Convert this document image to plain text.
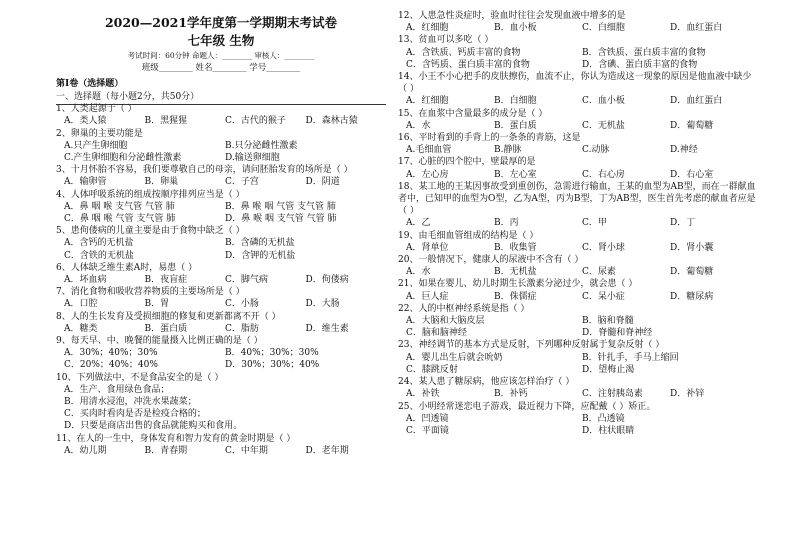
2020—2021学年度第一学期期末考试卷
七年级 生物
考试时间：60分钟 命题人：________ 审核人：________
班级________ 姓名________ 学号________
第Ⅰ卷（选择题）
一、选择题（每小题2分，共50分）
1、人类起源于（ ）
A．类人猿	B．黑猩猩	C．古代的猴子	D．森林古猿
2、卵巢的主要功能是
A.只产生卵细胞	B.只分泌雌性激素
C.产生卵细胞和分泌雌性激素	D.输送卵细胞
3、十月怀胎不容易，我们要尊敬自己的母亲，请问胚胎发育的场所是（ ）
A．输卵管	B．卵巢	C．子宫	D．阴道
4、人体呼吸系统的组成按顺序排列应当是（ ）
A．鼻 咽 喉 支气管 气管 肺	B．鼻 喉 咽 气管 支气管 肺
C．鼻 咽 喉 气管 支气管 肺	D．鼻 喉 咽 支气管 气管 肺
5、患佝偻病的儿童主要是由于食物中缺乏（ ）
A．含钙的无机盐	B．含磷的无机盐
C．含铁的无机盐	D．含钾的无机盐
6、人体缺乏维生素A时，易患（ ）
A．坏血病	B．夜盲症	C．脚气病	D．佝偻病
7、消化食物和吸收营养物质的主要场所是（ ）
A．口腔	B．胃	C．小肠	D．大肠
8、人的生长发育及受损细胞的修复和更新都离不开（ ）
A．糖类	B．蛋白质	C．脂肪	D．维生素
9、每天早、中、晚餐的能量摄入比例正确的是（ ）
A．30%；40%；30%	B．40%；30%；30%
C．20%；40%；40%	D．30%；30%；40%
10、下列做法中，不是食品安全的是（ ）
A．生产、食用绿色食品；
B．用清水浸泡，冲洗水果蔬菜；
C．买肉时看肉是否是检疫合格的；
D．只要是商店出售的食品就能购买和食用。
11、在人的一生中，身体发育和智力发育的黄金时期是（ ）
A．幼儿期	B．青春期	C．中年期	D．老年期
12、人患急性炎症时，验血时往往会发现血液中增多的是
A．红细胞	B．血小板	C．白细胞	D．血红蛋白
13、贫血可以多吃（ ）
A．含铁质、钙质丰富的食物	B．含铁质、蛋白质丰富的食物
C．含钙质、蛋白质丰富的食物	D．含碘、蛋白质丰富的食物
14、小王不小心把手的皮肤擦伤，血流不止，你认为造成这一现象的原因是他血液中缺少（ ）
A．红细胞	B．白细胞	C．血小板	D．血红蛋白
15、在血浆中含量最多的成分是（ ）
A．水	B．蛋白质	C．无机盐	D．葡萄糖
16、平时看到的手背上的一条条的青筋，这是
A.毛细血管	B.静脉	C.动脉	D.神经
17、心脏的四个腔中，壁最厚的是
A．左心房	B．左心室	C．右心房	D．右心室
18、某工地的王某因事故受到重创伤，急需进行输血，王某的血型为AB型，而在一群献血者中，已知甲的血型为O型，乙为A型，丙为B型，丁为AB型，医生首先考虑的献血者应是（ ）
A．乙	B．丙	C．甲	D．丁
19、由毛细血管组成的结构是（ ）
A．肾单位	B．收集管	C．肾小球	D．肾小囊
20、一般情况下，健康人的尿液中不含有（ ）
A．水	B．无机盐	C．尿素	D．葡萄糖
21、如果在婴儿、幼儿时期生长激素分泌过少，就会患（ ）
A．巨人症	B．侏儒症	C．呆小症	D．糖尿病
22、人的中枢神经系统是指（ ）
A．大脑和大脑皮层	B．脑和脊髓
C．脑和脑神经	D．脊髓和脊神经
23、神经调节的基本方式是反射，下列哪种反射属于复杂反射（ ）
A．婴儿出生后就会吮奶	B．针扎手，手马上缩回
C．膝跳反射	D．望梅止渴
24、某人患了糖尿病，他应该怎样治疗（ ）
A．补铁	B．补钙	C．注射胰岛素	D．补锌
25、小明经常迷恋电子游戏，最近视力下降，应配戴（ ）矫正。
A．凹透镜	B．凸透镜
C．平面镜	D．柱状眼睛
